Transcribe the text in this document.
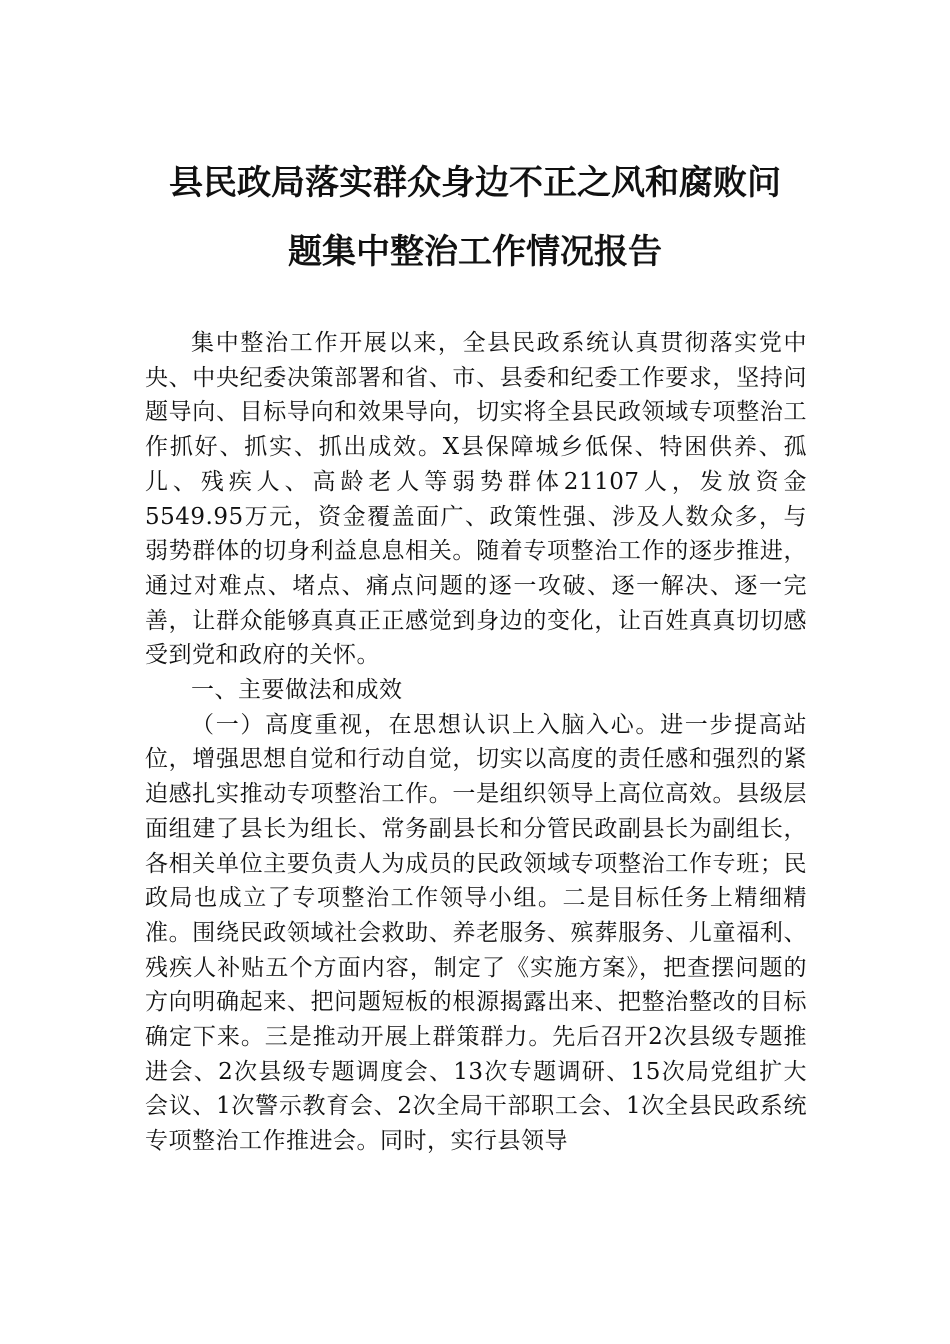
县民政局落实群众身边不正之风和腐败问
题集中整治工作情况报告

集中整治工作开展以来，全县民政系统认真贯彻落实党中央、中央纪委决策部署和省、市、县委和纪委工作要求，坚持问题导向、目标导向和效果导向，切实将全县民政领域专项整治工作抓好、抓实、抓出成效。X县保障城乡低保、特困供养、孤儿、残疾人、高龄老人等弱势群体21107人，发放资金5549.95万元，资金覆盖面广、政策性强、涉及人数众多，与弱势群体的切身利益息息相关。随着专项整治工作的逐步推进，通过对难点、堵点、痛点问题的逐一攻破、逐一解决、逐一完善，让群众能够真真正正感觉到身边的变化，让百姓真真切切感受到党和政府的关怀。

一、主要做法和成效

（一）高度重视，在思想认识上入脑入心。进一步提高站位，增强思想自觉和行动自觉，切实以高度的责任感和强烈的紧迫感扎实推动专项整治工作。一是组织领导上高位高效。县级层面组建了县长为组长、常务副县长和分管民政副县长为副组长，各相关单位主要负责人为成员的民政领域专项整治工作专班；民政局也成立了专项整治工作领导小组。二是目标任务上精细精准。围绕民政领域社会救助、养老服务、殡葬服务、儿童福利、残疾人补贴五个方面内容，制定了《实施方案》，把查摆问题的方向明确起来、把问题短板的根源揭露出来、把整治整改的目标确定下来。三是推动开展上群策群力。先后召开2次县级专题推进会、2次县级专题调度会、13次专题调研、15次局党组扩大会议、1次警示教育会、2次全局干部职工会、1次全县民政系统专项整治工作推进会。同时，实行县领导
